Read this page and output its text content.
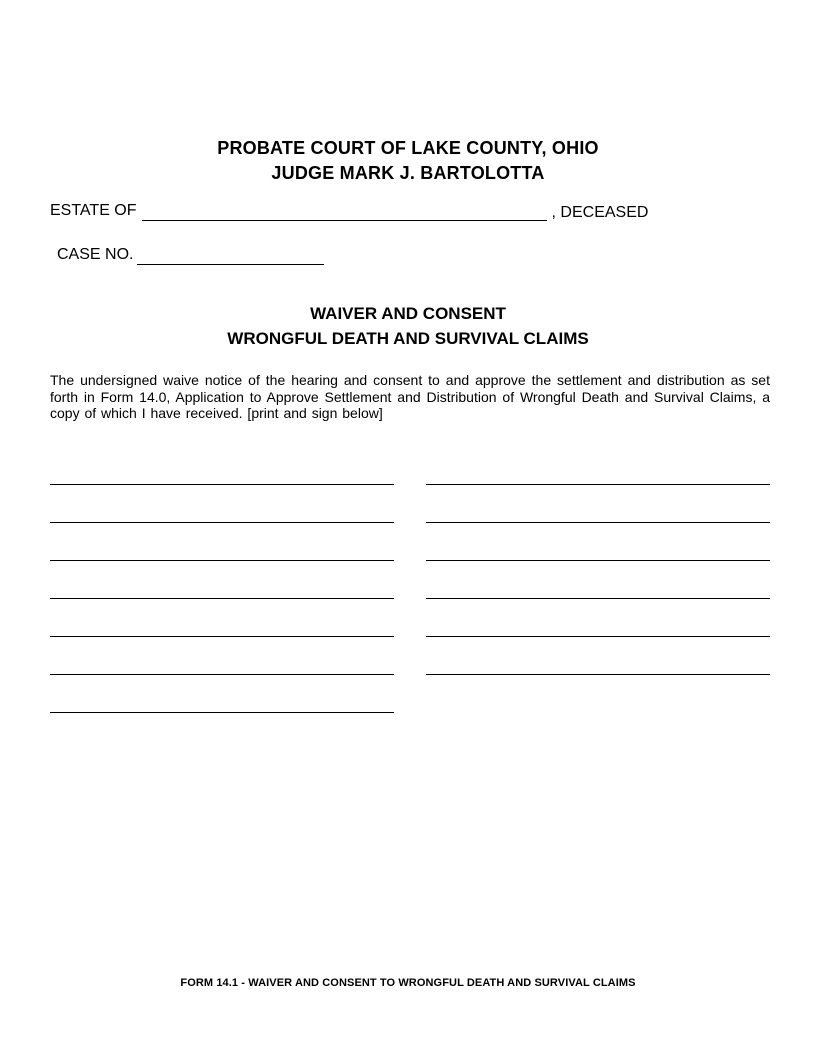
PROBATE COURT OF LAKE COUNTY, OHIO
JUDGE MARK J. BARTOLOTTA
ESTATE OF	, DECEASED
CASE NO.
WAIVER AND CONSENT
WRONGFUL DEATH AND SURVIVAL CLAIMS
The undersigned waive notice of the hearing and consent to and approve the settlement and distribution as set forth in Form 14.0, Application to Approve Settlement and Distribution of Wrongful Death and Survival Claims, a copy of which I have received. [print and sign below]
FORM 14.1 - WAIVER AND CONSENT TO WRONGFUL DEATH AND SURVIVAL CLAIMS
